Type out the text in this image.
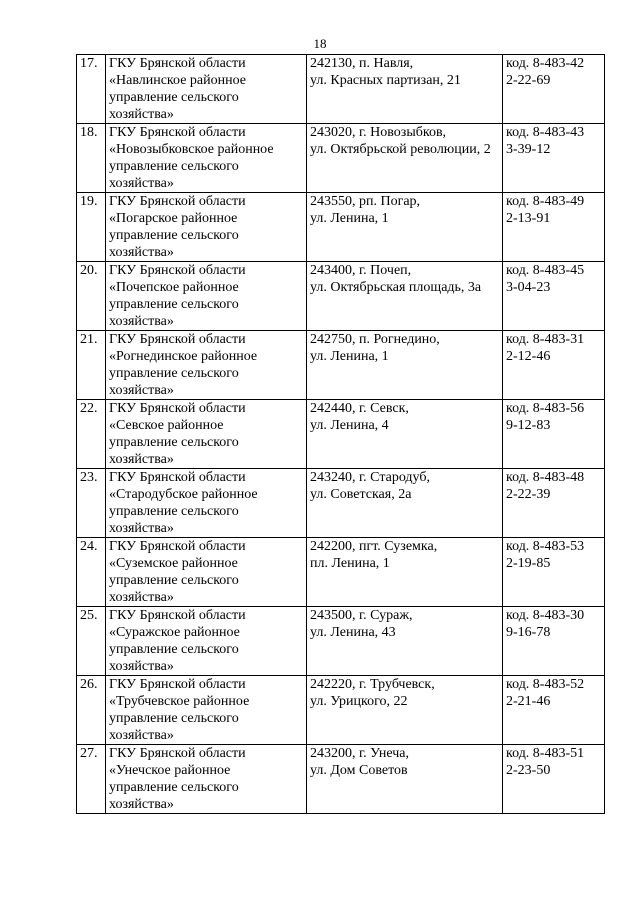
18
17.	ГКУ Брянской области
«Навлинское районное
управление сельского
хозяйства»	242130, п. Навля,
ул. Красных партизан, 21	код. 8-483-42
2-22-69

18.	ГКУ Брянской области
«Новозыбковское районное
управление сельского
хозяйства»	243020, г. Новозыбков,
ул. Октябрьской революции, 2	код. 8-483-43
3-39-12

19.	ГКУ Брянской области
«Погарское районное
управление сельского
хозяйства»	243550, рп. Погар,
ул. Ленина, 1	код. 8-483-49
2-13-91

20.	ГКУ Брянской области
«Почепское районное
управление сельского
хозяйства»	243400, г. Почеп,
ул. Октябрьская площадь, 3а	код. 8-483-45
3-04-23

21.	ГКУ Брянской области
«Рогнединское районное
управление сельского
хозяйства»	242750, п. Рогнедино,
ул. Ленина, 1	код. 8-483-31
2-12-46

22.	ГКУ Брянской области
«Севское районное
управление сельского
хозяйства»	242440, г. Севск,
ул. Ленина, 4	код. 8-483-56
9-12-83

23.	ГКУ Брянской области
«Стародубское районное
управление сельского
хозяйства»	243240, г. Стародуб,
ул. Советская, 2а	код. 8-483-48
2-22-39

24.	ГКУ Брянской области
«Суземское районное
управление сельского
хозяйства»	242200, пгт. Суземка,
пл. Ленина, 1	код. 8-483-53
2-19-85

25.	ГКУ Брянской области
«Суражское районное
управление сельского
хозяйства»	243500, г. Сураж,
ул. Ленина, 43	код. 8-483-30
9-16-78

26.	ГКУ Брянской области
«Трубчевское районное
управление сельского
хозяйства»	242220, г. Трубчевск,
ул. Урицкого, 22	код. 8-483-52
2-21-46

27.	ГКУ Брянской области
«Унечское районное
управление сельского
хозяйства»	243200, г. Унеча,
ул. Дом Советов	код. 8-483-51
2-23-50
